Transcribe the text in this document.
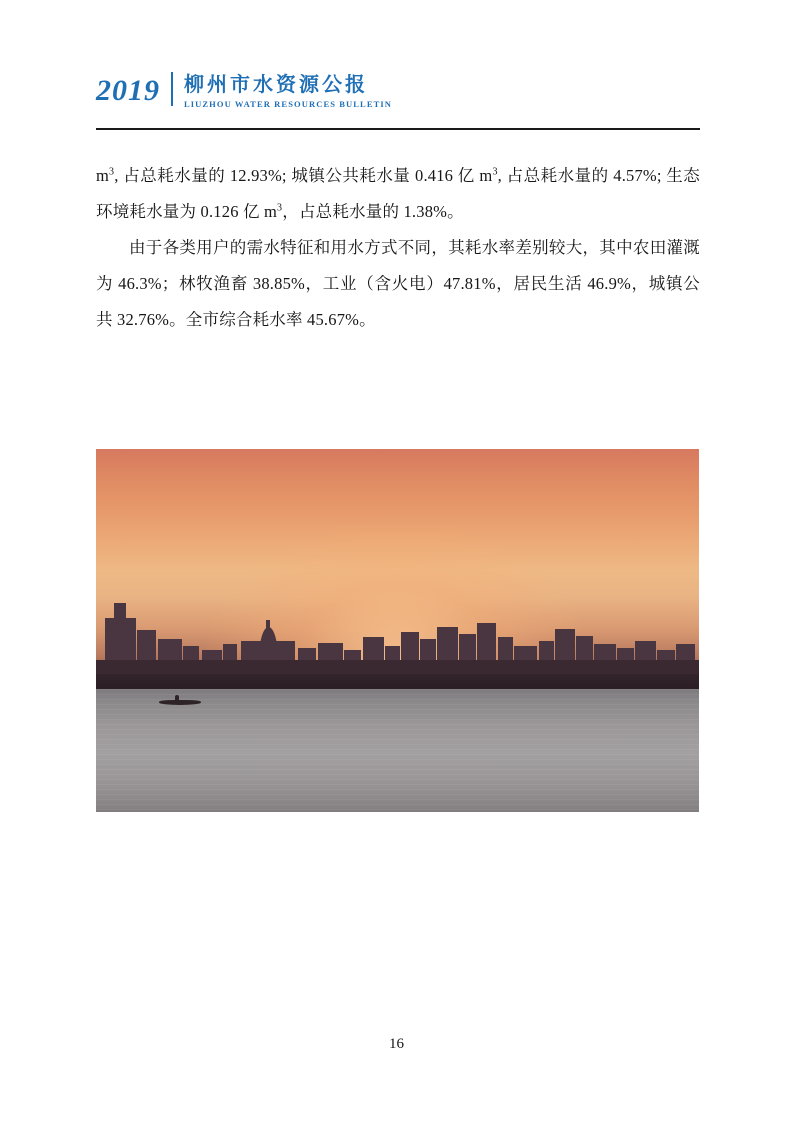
2019 柳州市水资源公报
LIUZHOU WATER RESOURCES BULLETIN

$m^3$, 占总耗水量的 12.93%; 城镇公共耗水量 0.416 亿 $m^3$, 占总耗水量的 4.57%; 生态环境耗水量为 0.126 亿 $m^3$，占总耗水量的 1.38%。

由于各类用户的需水特征和用水方式不同，其耗水率差别较大，其中农田灌溉为 46.3%；林牧渔畜 38.85%，工业（含火电）47.81%，居民生活 46.9%，城镇公共 32.76%。全市综合耗水率 45.67%。

16
